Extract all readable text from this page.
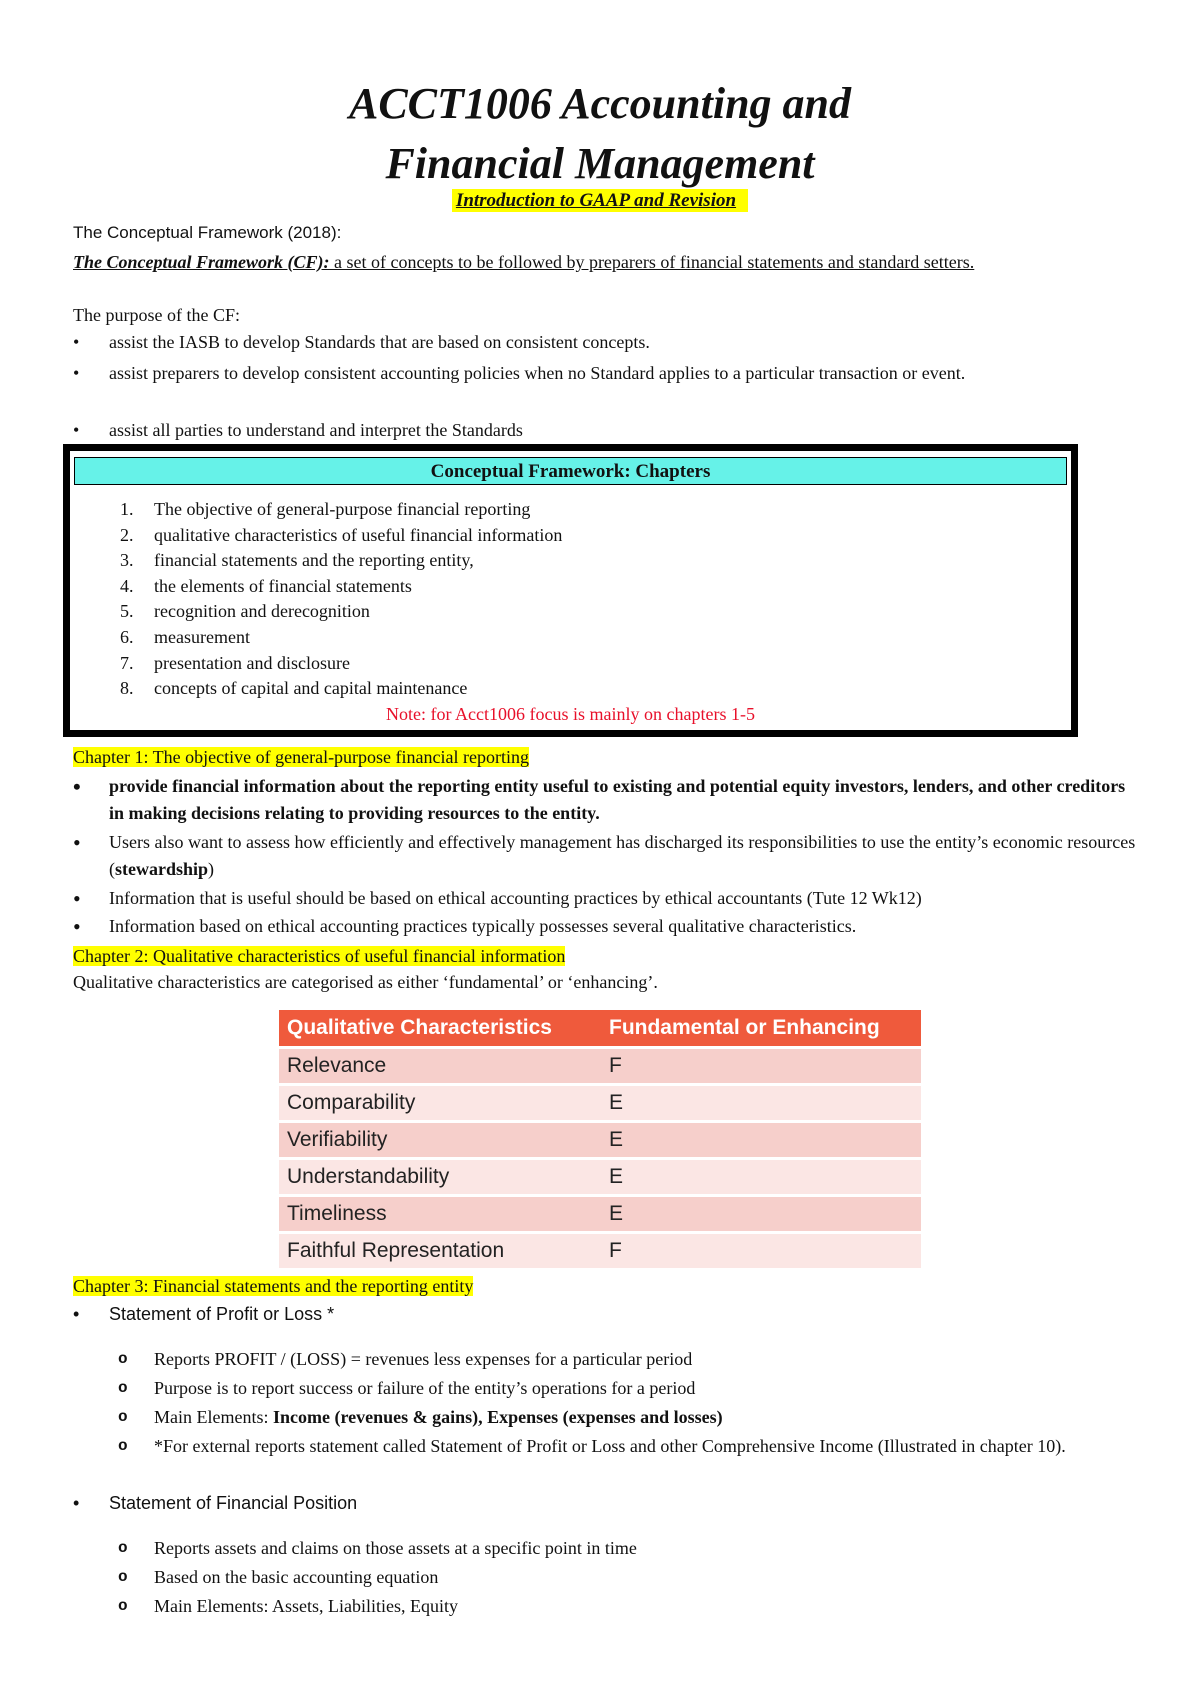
ACCT1006 Accounting and
Financial Management
Introduction to GAAP and Revision
The Conceptual Framework (2018):
The Conceptual Framework (CF): a set of concepts to be followed by preparers of financial statements and standard setters.
The purpose of the CF:
•	assist the IASB to develop Standards that are based on consistent concepts.
•	assist preparers to develop consistent accounting policies when no Standard applies to a particular transaction or event.
•	assist all parties to understand and interpret the Standards
Conceptual Framework: Chapters
1. The objective of general-purpose financial reporting
2. qualitative characteristics of useful financial information
3. financial statements and the reporting entity,
4. the elements of financial statements
5. recognition and derecognition
6. measurement
7. presentation and disclosure
8. concepts of capital and capital maintenance
Note: for Acct1006 focus is mainly on chapters 1-5
Chapter 1: The objective of general-purpose financial reporting
•	provide financial information about the reporting entity useful to existing and potential equity investors, lenders, and other creditors in making decisions relating to providing resources to the entity.
•	Users also want to assess how efficiently and effectively management has discharged its responsibilities to use the entity’s economic resources (stewardship)
•	Information that is useful should be based on ethical accounting practices by ethical accountants (Tute 12 Wk12)
•	Information based on ethical accounting practices typically possesses several qualitative characteristics.
Chapter 2: Qualitative characteristics of useful financial information
Qualitative characteristics are categorised as either ‘fundamental’ or ‘enhancing’.
Qualitative Characteristics	Fundamental or Enhancing
Relevance	F
Comparability	E
Verifiability	E
Understandability	E
Timeliness	E
Faithful Representation	F
Chapter 3: Financial statements and the reporting entity
•	Statement of Profit or Loss *
o Reports PROFIT / (LOSS) = revenues less expenses for a particular period
o Purpose is to report success or failure of the entity’s operations for a period
o Main Elements: Income (revenues & gains), Expenses (expenses and losses)
o *For external reports statement called Statement of Profit or Loss and other Comprehensive Income (Illustrated in chapter 10).
•	Statement of Financial Position
o Reports assets and claims on those assets at a specific point in time
o Based on the basic accounting equation
o Main Elements: Assets, Liabilities, Equity
